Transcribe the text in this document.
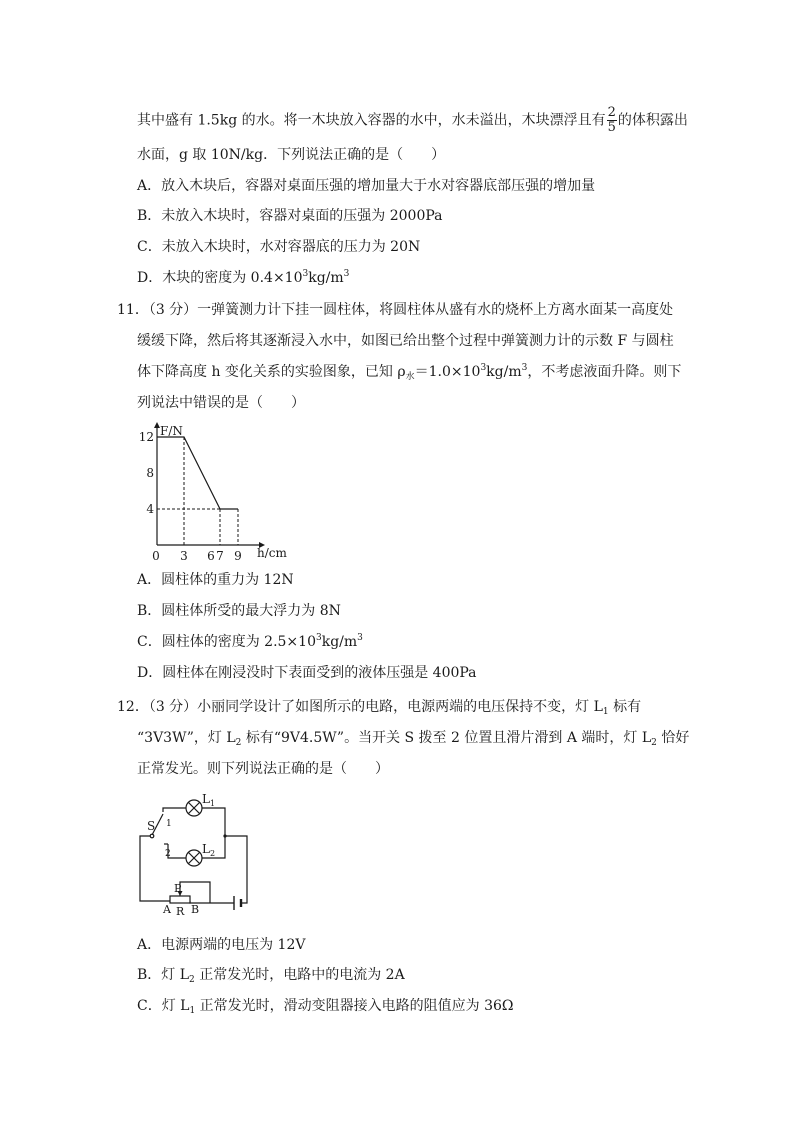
其中盛有 1.5kg 的水。将一木块放入容器的水中，水未溢出，木块漂浮且有 $\frac{2}{5}$ 的体积露出
水面，g 取 10N/kg．下列说法正确的是（　　）
A．放入木块后，容器对桌面压强的增加量大于水对容器底部压强的增加量
B．未放入木块时，容器对桌面的压强为 2000Pa
C．未放入木块时，水对容器底的压力为 20N
D．木块的密度为 $0.4\times 10^3kg/m^3$
11．（3 分）一弹簧测力计下挂一圆柱体，将圆柱体从盛有水的烧杯上方离水面某一高度处
缓缓下降，然后将其逐渐浸入水中，如图已给出整个过程中弹簧测力计的示数 F 与圆柱
体下降高度 h 变化关系的实验图象，已知 $\rho_水=1.0\times 10^3kg/m^3$，不考虑液面升降。则下
列说法中错误的是（　　）
F/N
h/cm
4
8
12
0 3 6 7 9
A．圆柱体的重力为 12N
B．圆柱体所受的最大浮力为 8N
C．圆柱体的密度为 $2.5\times 10^3kg/m^3$
D．圆柱体在刚浸没时下表面受到的液体压强是 400Pa
12．（3 分）小丽同学设计了如图所示的电路，电源两端的电压保持不变，灯 $L_1$ 标有
“3V3W”，灯 $L_2$ 标有“9V4.5W”。当开关 S 拨至 2 位置且滑片滑到 A 端时，灯 $L_2$ 恰好
正常发光。则下列说法正确的是（　　）
$L_1$
$L_2$
S 1
2
P
A R B
A．电源两端的电压为 12V
B．灯 $L_2$ 正常发光时，电路中的电流为 2A
C．灯 $L_1$ 正常发光时，滑动变阻器接入电路的阻值应为 36Ω
